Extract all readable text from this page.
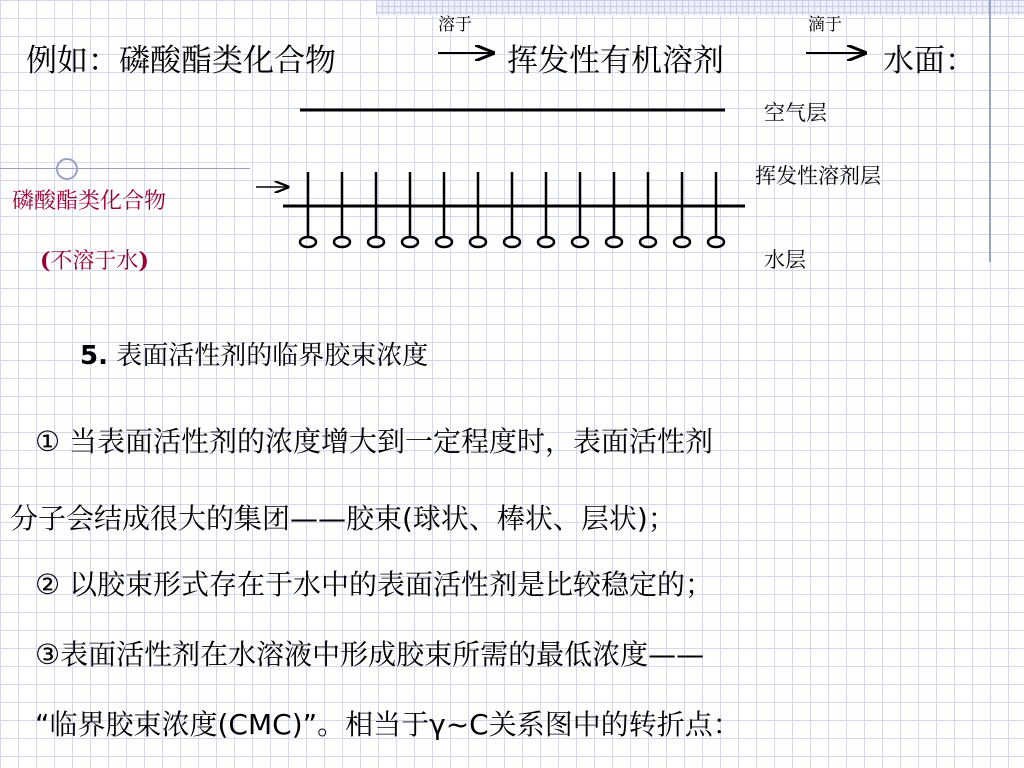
例如：磷酸酯类化合物
溶于
挥发性有机溶剂
滴于
水面：
空气层
挥发性溶剂层
水层
磷酸酯类化合物
(不溶于水)
5. 表面活性剂的临界胶束浓度
① 当表面活性剂的浓度增大到一定程度时，表面活性剂
分子会结成很大的集团——胶束(球状、棒状、层状)；
② 以胶束形式存在于水中的表面活性剂是比较稳定的；
③表面活性剂在水溶液中形成胶束所需的最低浓度——
“临界胶束浓度(CMC)”。相当于γ~C关系图中的转折点：
